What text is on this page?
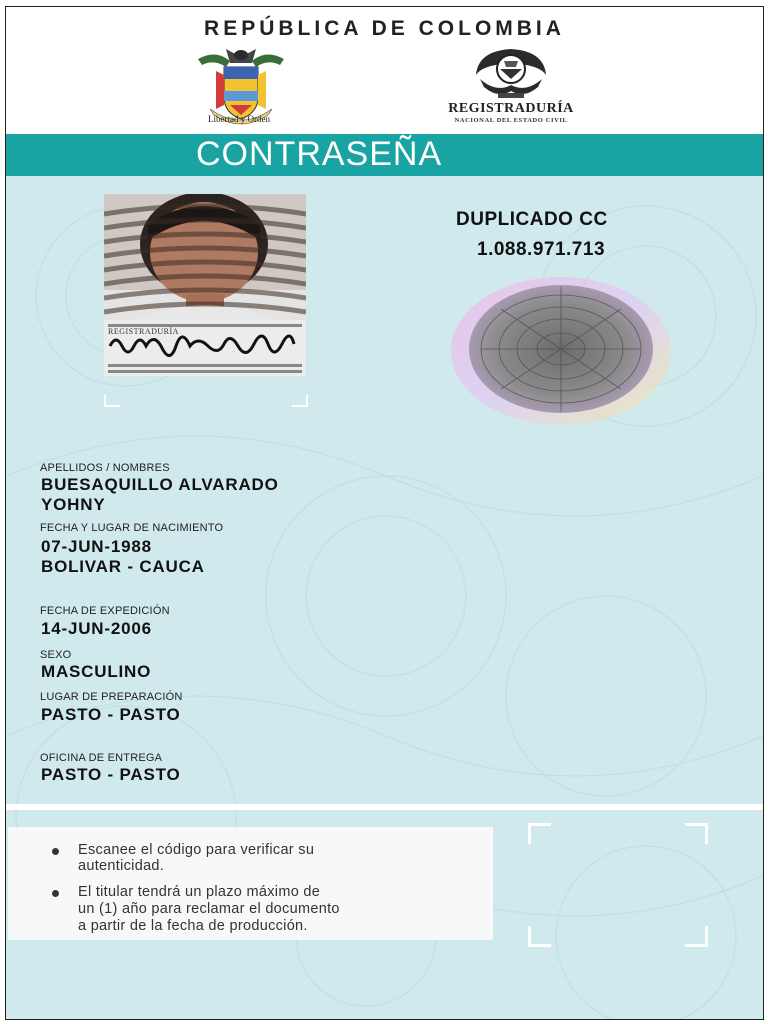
REPÚBLICA DE COLOMBIA
Libertad y Orden
REGISTRADURÍA
NACIONAL DEL ESTADO CIVIL
CONTRASEÑA
REGISTRADURÍA
DUPLICADO CC
1.088.971.713
APELLIDOS / NOMBRES
BUESAQUILLO ALVARADO
YOHNY
FECHA Y LUGAR DE NACIMIENTO
07-JUN-1988
BOLIVAR - CAUCA
FECHA DE EXPEDICIÓN
14-JUN-2006
SEXO
MASCULINO
LUGAR DE PREPARACIÓN
PASTO - PASTO
OFICINA DE ENTREGA
PASTO - PASTO
Escanee el código para verificar su
autenticidad.
El titular tendrá un plazo máximo de
un (1) año para reclamar el documento
a partir de la fecha de producción.
